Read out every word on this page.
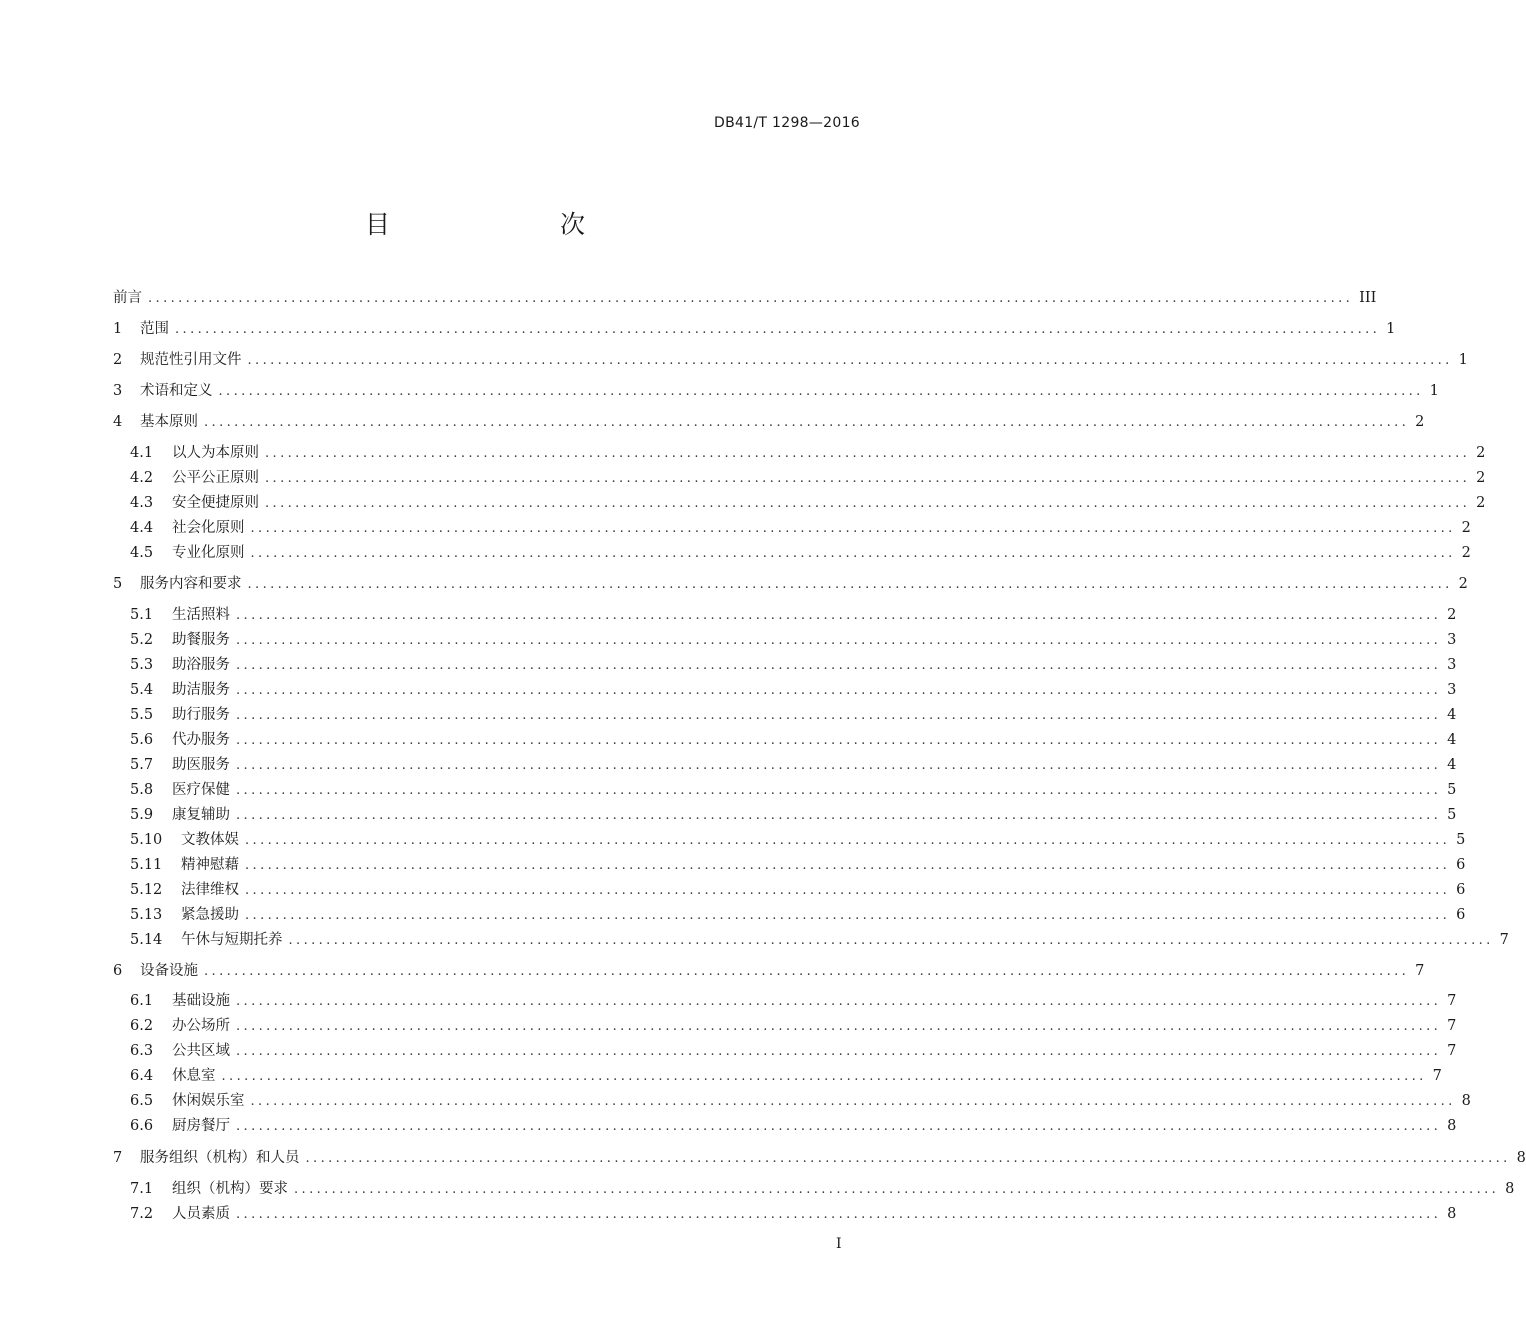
DB41/T 1298—2016
目　　次
前言 ................................................................................................................................................................ III
1	范围 ................................................................................................................................................................ 1
2	规范性引用文件 ................................................................................................................................................................ 1
3	术语和定义 ................................................................................................................................................................ 1
4	基本原则 ................................................................................................................................................................ 2
4.1	以人为本原则 ................................................................................................................................................................ 2
4.2	公平公正原则 ................................................................................................................................................................ 2
4.3	安全便捷原则 ................................................................................................................................................................ 2
4.4	社会化原则 ................................................................................................................................................................ 2
4.5	专业化原则 ................................................................................................................................................................ 2
5	服务内容和要求 ................................................................................................................................................................ 2
5.1	生活照料 ................................................................................................................................................................ 2
5.2	助餐服务 ................................................................................................................................................................ 3
5.3	助浴服务 ................................................................................................................................................................ 3
5.4	助洁服务 ................................................................................................................................................................ 3
5.5	助行服务 ................................................................................................................................................................ 4
5.6	代办服务 ................................................................................................................................................................ 4
5.7	助医服务 ................................................................................................................................................................ 4
5.8	医疗保健 ................................................................................................................................................................ 5
5.9	康复辅助 ................................................................................................................................................................ 5
5.10	文教体娱 ................................................................................................................................................................ 5
5.11	精神慰藉 ................................................................................................................................................................ 6
5.12	法律维权 ................................................................................................................................................................ 6
5.13	紧急援助 ................................................................................................................................................................ 6
5.14	午休与短期托养 ................................................................................................................................................................ 7
6	设备设施 ................................................................................................................................................................ 7
6.1	基础设施 ................................................................................................................................................................ 7
6.2	办公场所 ................................................................................................................................................................ 7
6.3	公共区域 ................................................................................................................................................................ 7
6.4	休息室 ................................................................................................................................................................ 7
6.5	休闲娱乐室 ................................................................................................................................................................ 8
6.6	厨房餐厅 ................................................................................................................................................................ 8
7	服务组织（机构）和人员 ................................................................................................................................................................ 8
7.1	组织（机构）要求 ................................................................................................................................................................ 8
7.2	人员素质 ................................................................................................................................................................ 8
I
